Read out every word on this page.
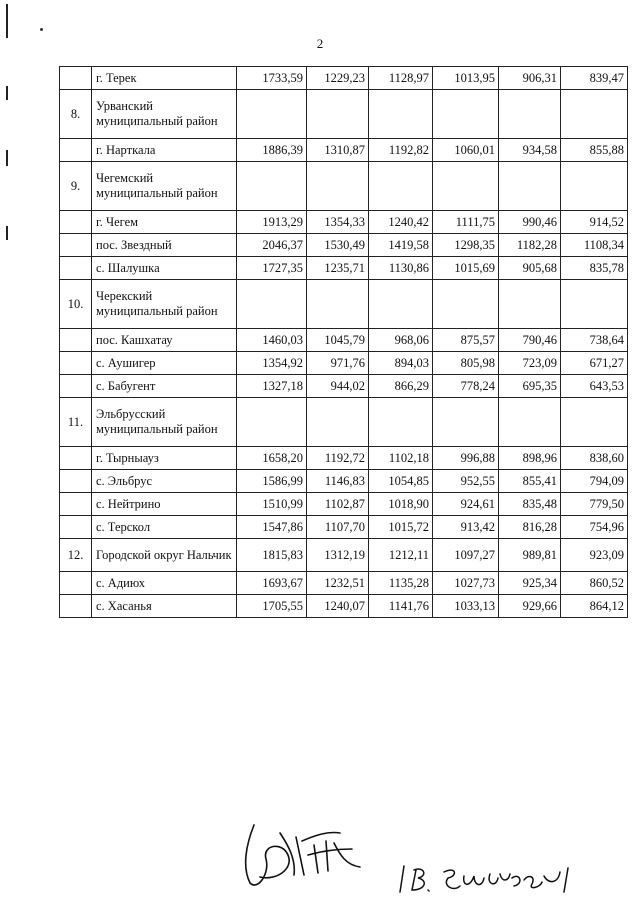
2
	г. Терек	1733,59	1229,23	1128,97	1013,95	906,31	839,47
8.	Урванский муниципальный район						
	г. Нарткала	1886,39	1310,87	1192,82	1060,01	934,58	855,88
9.	Чегемский муниципальный район						
	г. Чегем	1913,29	1354,33	1240,42	1111,75	990,46	914,52
	пос. Звездный	2046,37	1530,49	1419,58	1298,35	1182,28	1108,34
	с. Шалушка	1727,35	1235,71	1130,86	1015,69	905,68	835,78
10.	Черекский муниципальный район						
	пос. Кашхатау	1460,03	1045,79	968,06	875,57	790,46	738,64
	с. Аушигер	1354,92	971,76	894,03	805,98	723,09	671,27
	с. Бабугент	1327,18	944,02	866,29	778,24	695,35	643,53
11.	Эльбрусский муниципальный район						
	г. Тырныауз	1658,20	1192,72	1102,18	996,88	898,96	838,60
	с. Эльбрус	1586,99	1146,83	1054,85	952,55	855,41	794,09
	с. Нейтрино	1510,99	1102,87	1018,90	924,61	835,48	779,50
	с. Терскол	1547,86	1107,70	1015,72	913,42	816,28	754,96
12.	Городской округ Нальчик	1815,83	1312,19	1212,11	1097,27	989,81	923,09
	с. Адиюх	1693,67	1232,51	1135,28	1027,73	925,34	860,52
	с. Хасанья	1705,55	1240,07	1141,76	1033,13	929,66	864,12
